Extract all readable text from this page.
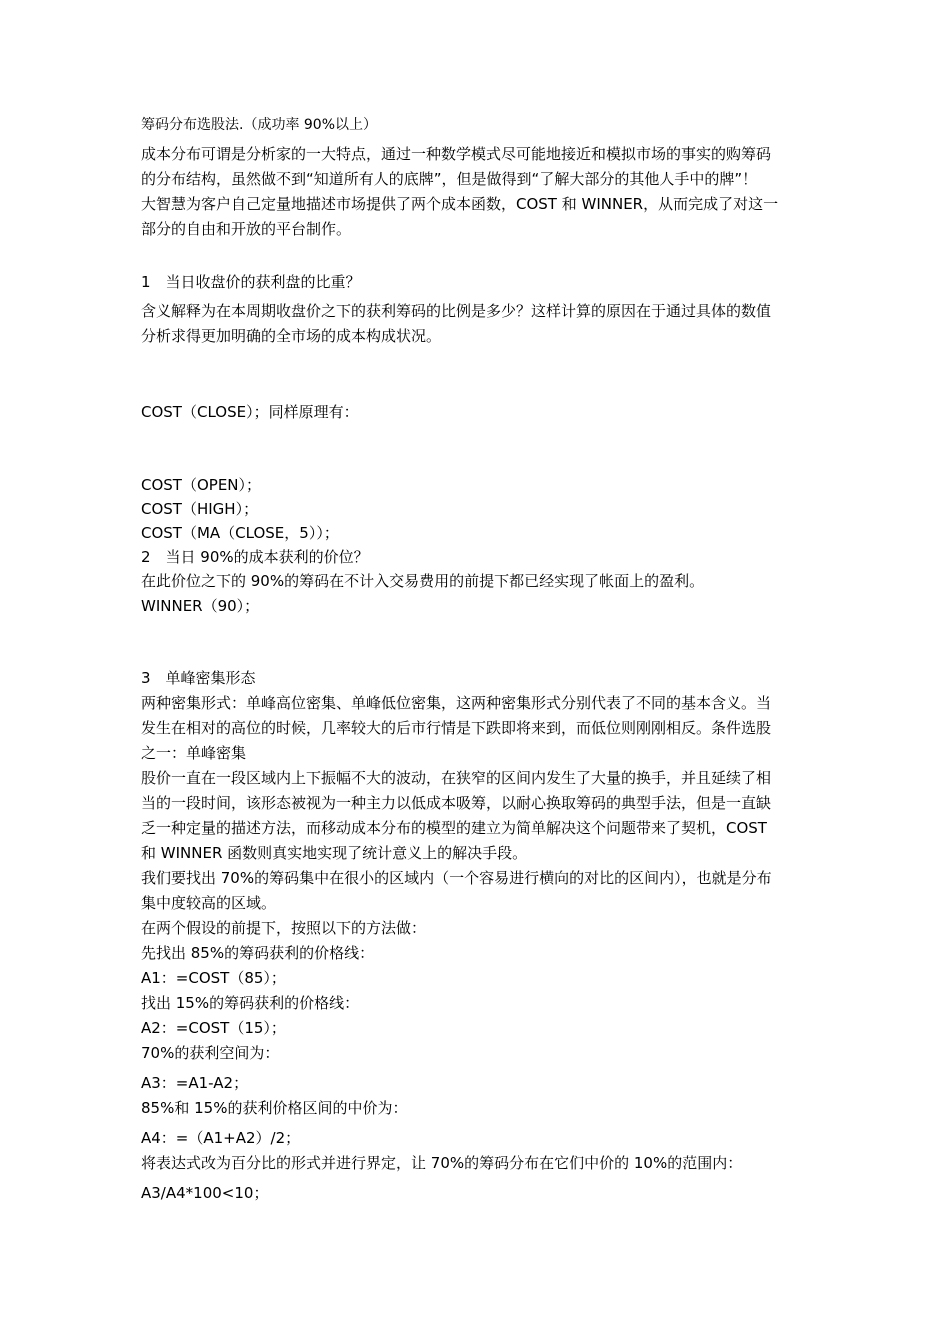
筹码分布选股法.（成功率 90%以上）

成本分布可谓是分析家的一大特点，通过一种数学模式尽可能地接近和模拟市场的事实的购筹码

的分布结构，虽然做不到“知道所有人的底牌”，但是做得到“了解大部分的其他人手中的牌”！

大智慧为客户自己定量地描述市场提供了两个成本函数，COST 和 WINNER，从而完成了对这一

部分的自由和开放的平台制作。

1　当日收盘价的获利盘的比重？

含义解释为在本周期收盘价之下的获利筹码的比例是多少？这样计算的原因在于通过具体的数值

分析求得更加明确的全市场的成本构成状况。

COST（CLOSE）；同样原理有：

COST（OPEN）；

COST（HIGH）；

COST（MA（CLOSE，5））；

2　当日 90%的成本获利的价位？

在此价位之下的 90%的筹码在不计入交易费用的前提下都已经实现了帐面上的盈利。

WINNER（90）；

3　单峰密集形态

两种密集形式：单峰高位密集、单峰低位密集，这两种密集形式分别代表了不同的基本含义。当

发生在相对的高位的时候，几率较大的后市行情是下跌即将来到，而低位则刚刚相反。条件选股

之一：单峰密集

股价一直在一段区域内上下振幅不大的波动，在狭窄的区间内发生了大量的换手，并且延续了相

当的一段时间，该形态被视为一种主力以低成本吸筹，以耐心换取筹码的典型手法，但是一直缺

乏一种定量的描述方法，而移动成本分布的模型的建立为简单解决这个问题带来了契机，COST

和 WINNER 函数则真实地实现了统计意义上的解决手段。

我们要找出 70%的筹码集中在很小的区域内（一个容易进行横向的对比的区间内），也就是分布

集中度较高的区域。

在两个假设的前提下，按照以下的方法做：

先找出 85%的筹码获利的价格线：

A1：=COST（85）；

找出 15%的筹码获利的价格线：

A2：=COST（15）；

70%的获利空间为：

A3：=A1-A2；

85%和 15%的获利价格区间的中价为：

A4：=（A1+A2）/2；

将表达式改为百分比的形式并进行界定，让 70%的筹码分布在它们中价的 10%的范围内：

A3/A4*100<10；
